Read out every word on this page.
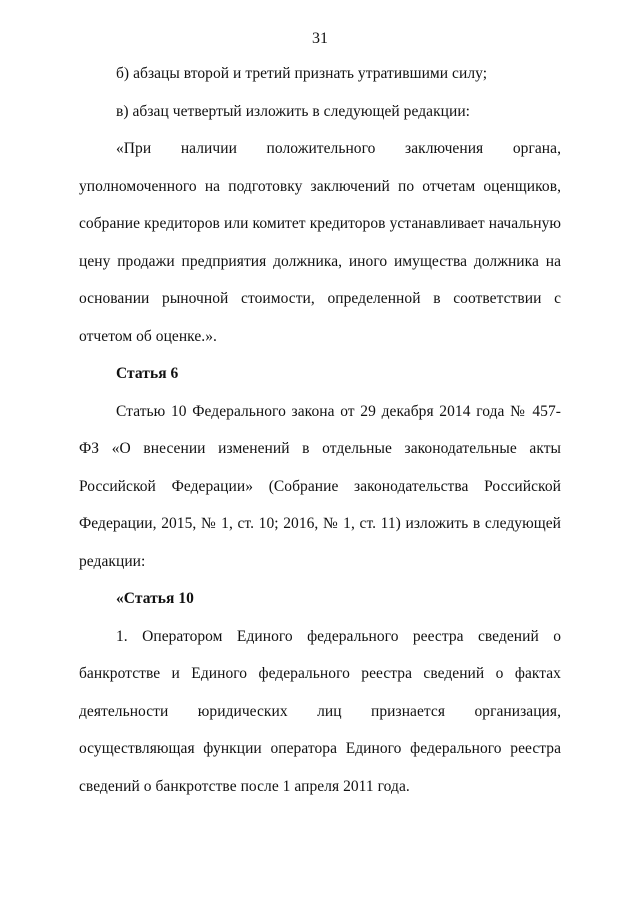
31

б) абзацы второй и третий признать утратившими силу;

в) абзац четвертый изложить в следующей редакции:

«При наличии положительного заключения органа, уполномоченного на подготовку заключений по отчетам оценщиков, собрание кредиторов или комитет кредиторов устанавливает начальную цену продажи предприятия должника, иного имущества должника на основании рыночной стоимости, определенной в соответствии с отчетом об оценке.».

Статья 6

Статью 10 Федерального закона от 29 декабря 2014 года № 457-ФЗ «О внесении изменений в отдельные законодательные акты Российской Федерации» (Собрание законодательства Российской Федерации, 2015, № 1, ст. 10; 2016, № 1, ст. 11) изложить в следующей редакции:

«Статья 10

1. Оператором Единого федерального реестра сведений о банкротстве и Единого федерального реестра сведений о фактах деятельности юридических лиц признается организация, осуществляющая функции оператора Единого федерального реестра сведений о банкротстве после 1 апреля 2011 года.
